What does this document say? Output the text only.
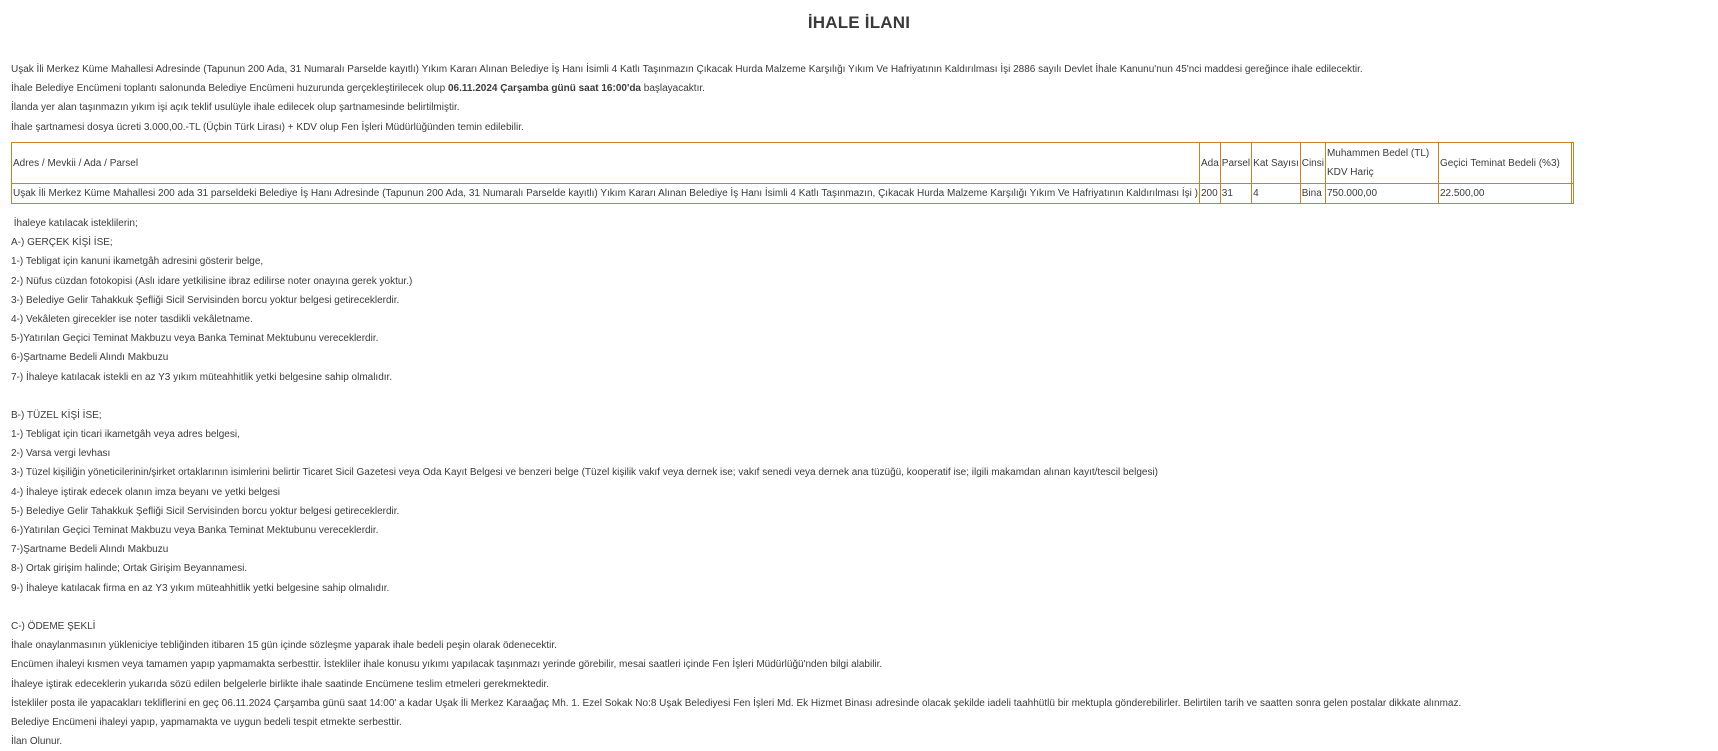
İHALE İLANI
Uşak İli Merkez Küme Mahallesi Adresinde (Tapunun 200 Ada, 31 Numaralı Parselde kayıtlı) Yıkım Kararı Alınan Belediye İş Hanı İsimli 4 Katlı Taşınmazın Çıkacak Hurda Malzeme Karşılığı Yıkım Ve Hafriyatının Kaldırılması İşi 2886 sayılı Devlet İhale Kanunu'nun 45'nci maddesi gereğince ihale edilecektir.
İhale Belediye Encümeni toplantı salonunda Belediye Encümeni huzurunda gerçekleştirilecek olup 06.11.2024 Çarşamba günü saat 16:00'da başlayacaktır.
İlanda yer alan taşınmazın yıkım işi açık teklif usulüyle ihale edilecek olup şartnamesinde belirtilmiştir.
İhale şartnamesi dosya ücreti 3.000,00.-TL (Üçbin Türk Lirası) + KDV olup Fen İşleri Müdürlüğünden temin edilebilir.
Adres / Mevkii / Ada / Parsel	Ada	Parsel	Kat Sayısı	Cinsi	Muhammen Bedel (TL)
KDV Hariç	Geçici Teminat Bedeli (%3)	
Uşak İli Merkez Küme Mahallesi 200 ada 31 parseldeki Belediye İş Hanı Adresinde (Tapunun 200 Ada, 31 Numaralı Parselde kayıtlı) Yıkım Kararı Alınan Belediye İş Hanı İsimli 4 Katlı Taşınmazın, Çıkacak Hurda Malzeme Karşılığı Yıkım Ve Hafriyatının Kaldırılması İşi )	200	31	4	Bina	750.000,00	22.500,00	
İhaleye katılacak isteklilerin;
A-) GERÇEK KİŞİ İSE;
1-) Tebligat için kanuni ikametgâh adresini gösterir belge,
2-) Nüfus cüzdan fotokopisi (Aslı idare yetkilisine ibraz edilirse noter onayına gerek yoktur.)
3-) Belediye Gelir Tahakkuk Şefliği Sicil Servisinden borcu yoktur belgesi getireceklerdir.
4-) Vekâleten girecekler ise noter tasdikli vekâletname.
5-)Yatırılan Geçici Teminat Makbuzu veya Banka Teminat Mektubunu vereceklerdir.
6-)Şartname Bedeli Alındı Makbuzu
7-) İhaleye katılacak istekli en az Y3 yıkım müteahhitlik yetki belgesine sahip olmalıdır.
B-) TÜZEL KİŞİ İSE;
1-) Tebligat için ticari ikametgâh veya adres belgesi,
2-) Varsa vergi levhası
3-) Tüzel kişiliğin yöneticilerinin/şirket ortaklarının isimlerini belirtir Ticaret Sicil Gazetesi veya Oda Kayıt Belgesi ve benzeri belge (Tüzel kişilik vakıf veya dernek ise; vakıf senedi veya dernek ana tüzüğü, kooperatif ise; ilgili makamdan alınan kayıt/tescil belgesi)
4-) İhaleye iştirak edecek olanın imza beyanı ve yetki belgesi
5-) Belediye Gelir Tahakkuk Şefliği Sicil Servisinden borcu yoktur belgesi getireceklerdir.
6-)Yatırılan Geçici Teminat Makbuzu veya Banka Teminat Mektubunu vereceklerdir.
7-)Şartname Bedeli Alındı Makbuzu
8-) Ortak girişim halinde; Ortak Girişim Beyannamesi.
9-) İhaleye katılacak firma en az Y3 yıkım müteahhitlik yetki belgesine sahip olmalıdır.
C-) ÖDEME ŞEKLİ
İhale onaylanmasının yükleniciye tebliğinden itibaren 15 gün içinde sözleşme yaparak ihale bedeli peşin olarak ödenecektir.
Encümen ihaleyi kısmen veya tamamen yapıp yapmamakta serbesttir. İstekliler ihale konusu yıkımı yapılacak taşınmazı yerinde görebilir, mesai saatleri içinde Fen İşleri Müdürlüğü'nden bilgi alabilir.
İhaleye iştirak edeceklerin yukarıda sözü edilen belgelerle birlikte ihale saatinde Encümene teslim etmeleri gerekmektedir.
İstekliler posta ile yapacakları tekliflerini en geç 06.11.2024 Çarşamba günü saat 14:00' a kadar Uşak İli Merkez Karaağaç Mh. 1. Ezel Sokak No:8 Uşak Belediyesi Fen İşleri Md. Ek Hizmet Binası adresinde olacak şekilde iadeli taahhütlü bir mektupla gönderebilirler. Belirtilen tarih ve saatten sonra gelen postalar dikkate alınmaz.
Belediye Encümeni ihaleyi yapıp, yapmamakta ve uygun bedeli tespit etmekte serbesttir.
İlan Olunur.
